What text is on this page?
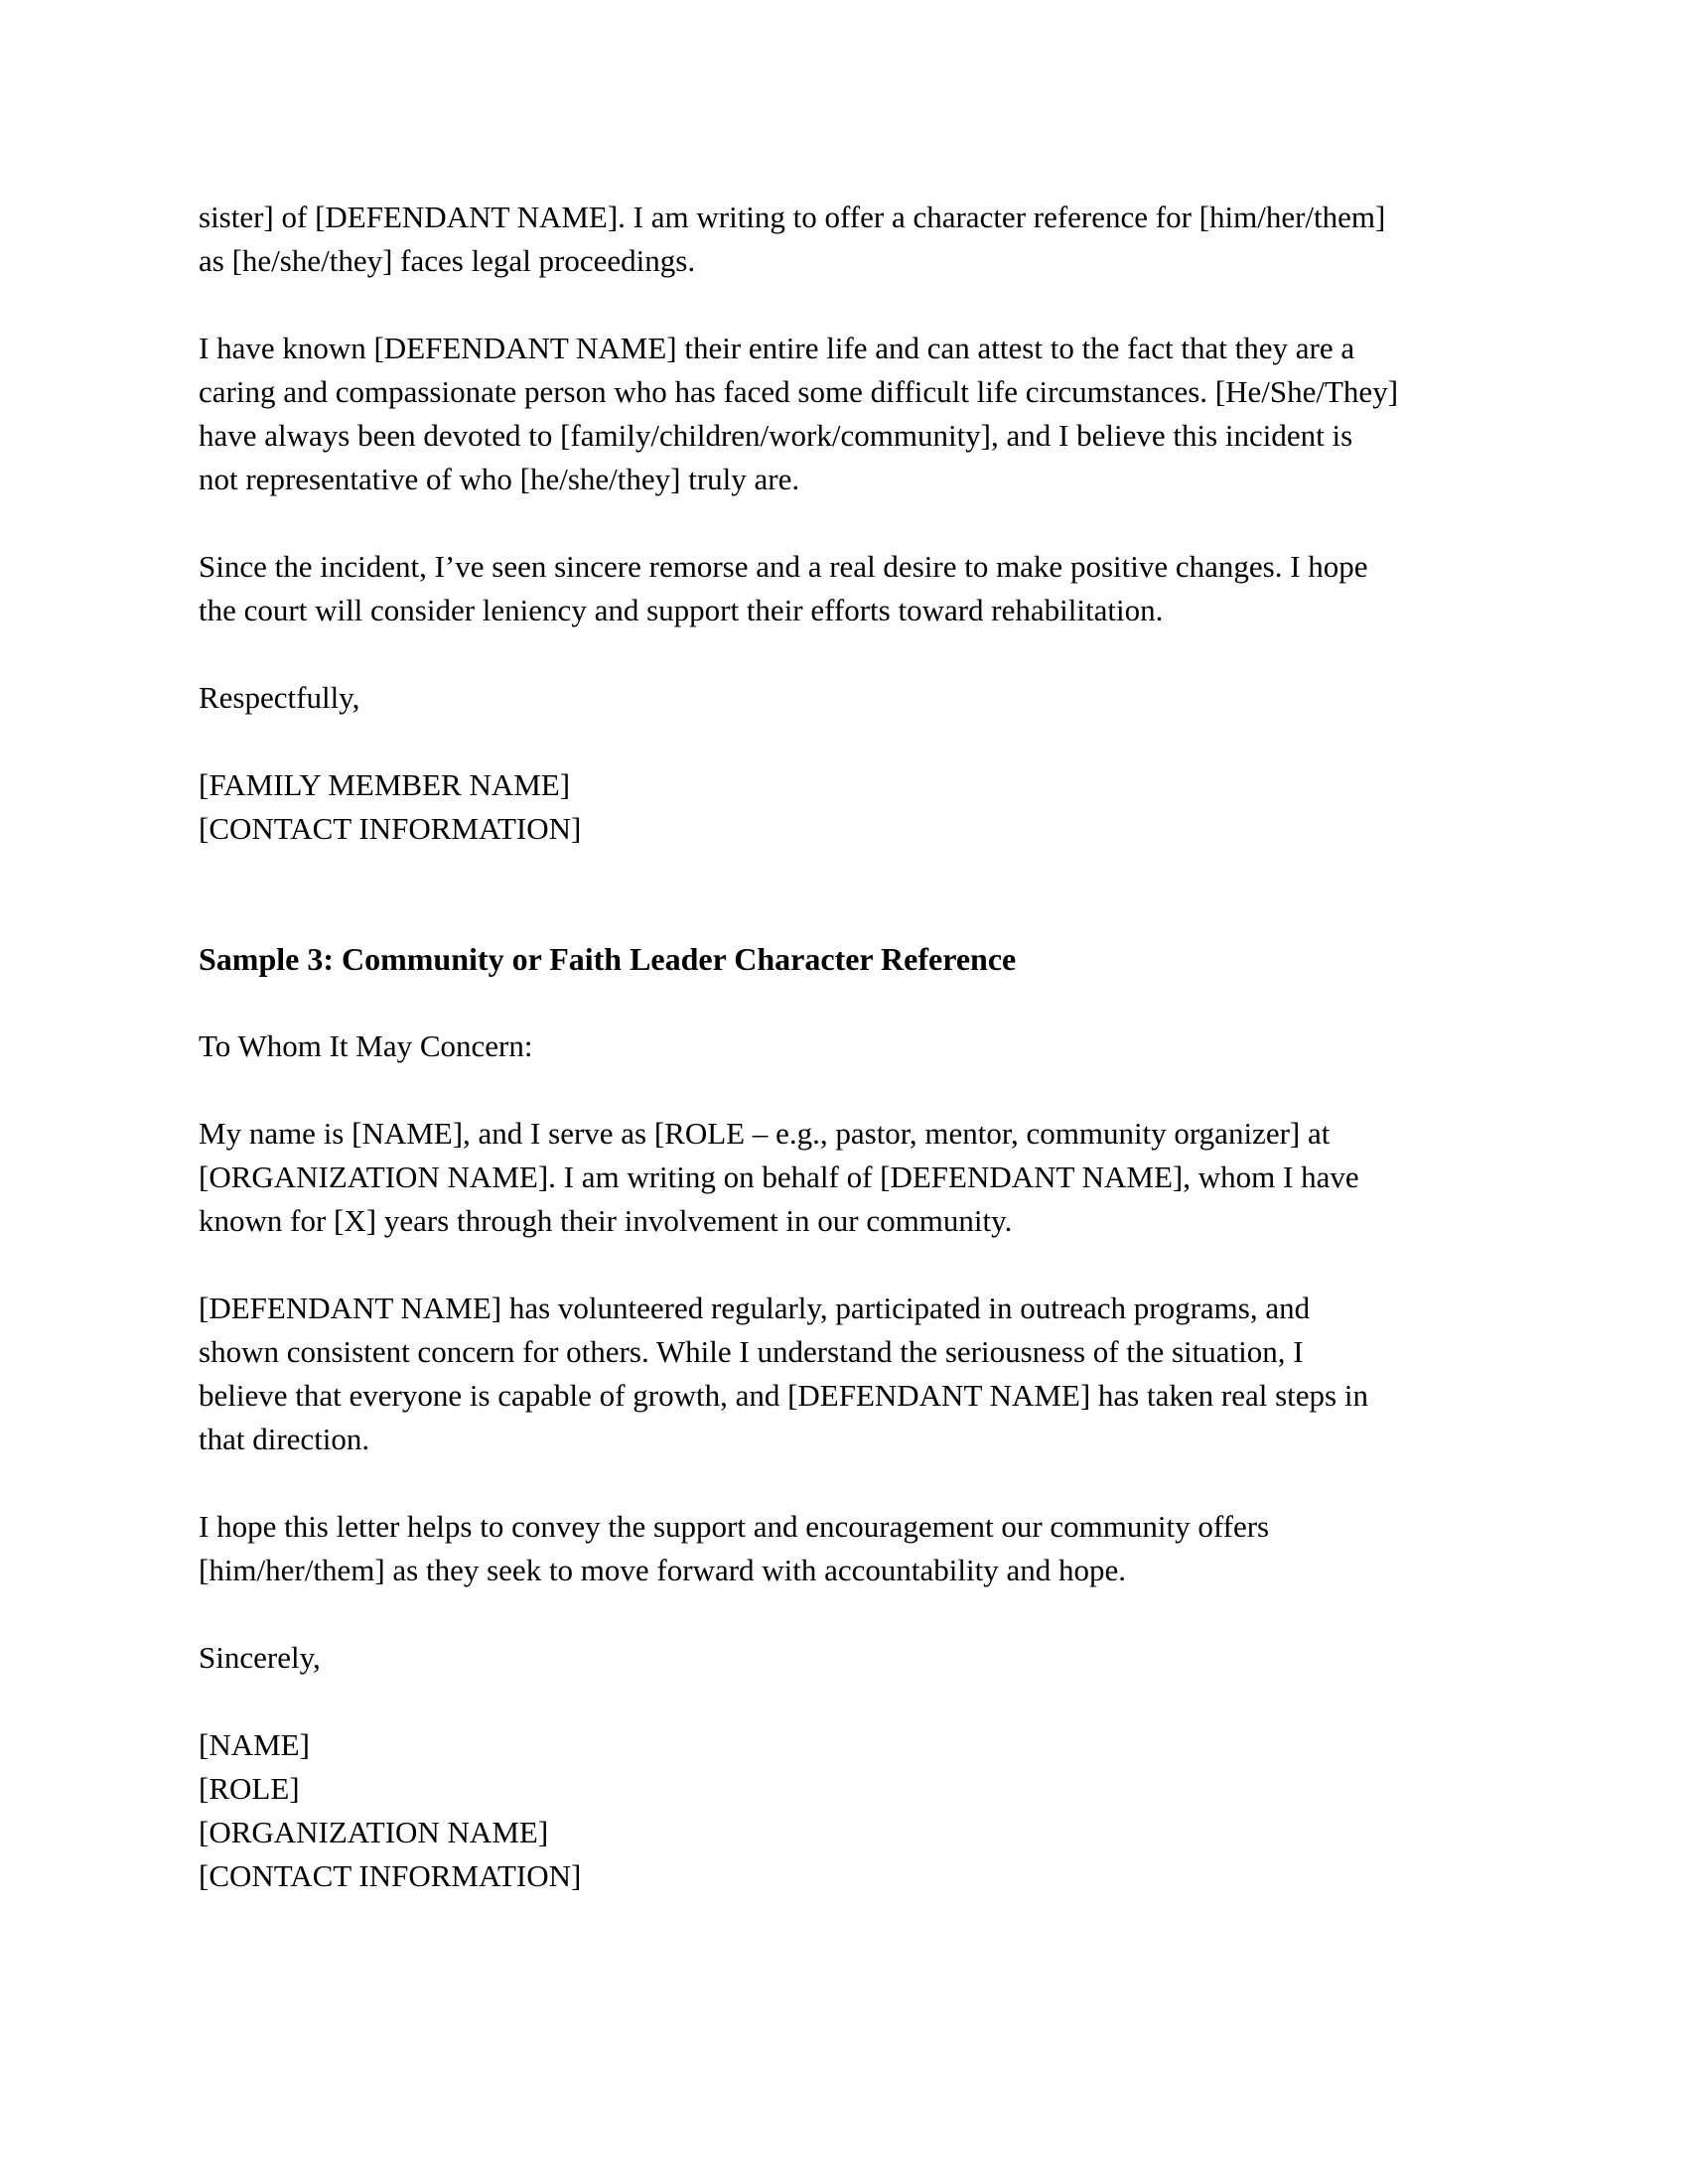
sister] of [DEFENDANT NAME]. I am writing to offer a character reference for [him/her/them]
as [he/she/they] faces legal proceedings.
I have known [DEFENDANT NAME] their entire life and can attest to the fact that they are a
caring and compassionate person who has faced some difficult life circumstances. [He/She/They]
have always been devoted to [family/children/work/community], and I believe this incident is
not representative of who [he/she/they] truly are.
Since the incident, I’ve seen sincere remorse and a real desire to make positive changes. I hope
the court will consider leniency and support their efforts toward rehabilitation.
Respectfully,
[FAMILY MEMBER NAME]
[CONTACT INFORMATION]
Sample 3: Community or Faith Leader Character Reference
To Whom It May Concern:
My name is [NAME], and I serve as [ROLE – e.g., pastor, mentor, community organizer] at
[ORGANIZATION NAME]. I am writing on behalf of [DEFENDANT NAME], whom I have
known for [X] years through their involvement in our community.
[DEFENDANT NAME] has volunteered regularly, participated in outreach programs, and
shown consistent concern for others. While I understand the seriousness of the situation, I
believe that everyone is capable of growth, and [DEFENDANT NAME] has taken real steps in
that direction.
I hope this letter helps to convey the support and encouragement our community offers
[him/her/them] as they seek to move forward with accountability and hope.
Sincerely,
[NAME]
[ROLE]
[ORGANIZATION NAME]
[CONTACT INFORMATION]
